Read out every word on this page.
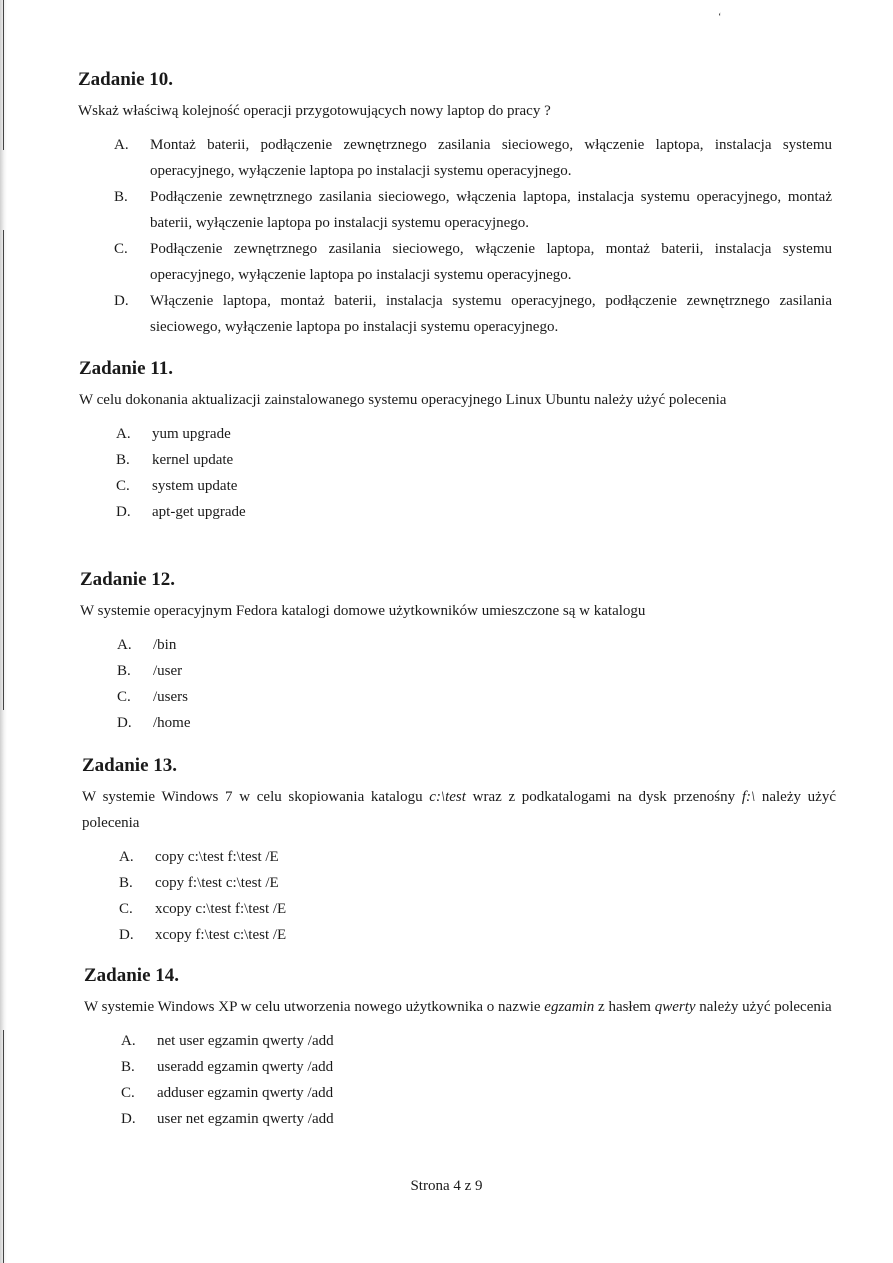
ʻ
Zadanie 10.

Wskaż właściwą kolejność operacji przygotowujących nowy laptop do pracy ?

A.	Montaż baterii, podłączenie zewnętrznego zasilania sieciowego, włączenie laptopa, instalacja systemu operacyjnego, wyłączenie laptopa po instalacji systemu operacyjnego.
B.	Podłączenie zewnętrznego zasilania sieciowego, włączenia laptopa, instalacja systemu operacyjnego, montaż baterii, wyłączenie laptopa po instalacji systemu operacyjnego.
C.	Podłączenie zewnętrznego zasilania sieciowego, włączenie laptopa, montaż baterii, instalacja systemu operacyjnego, wyłączenie laptopa po instalacji systemu operacyjnego.
D.	Włączenie laptopa, montaż baterii, instalacja systemu operacyjnego, podłączenie zewnętrznego zasilania sieciowego, wyłączenie laptopa po instalacji systemu operacyjnego.
Zadanie 11.

W celu dokonania aktualizacji zainstalowanego systemu operacyjnego Linux Ubuntu należy użyć polecenia

A.	yum upgrade
B.	kernel update
C.	system update
D.	apt-get upgrade
Zadanie 12.

W systemie operacyjnym Fedora katalogi domowe użytkowników umieszczone są w katalogu

A.	/bin
B.	/user
C.	/users
D.	/home
Zadanie 13.

W systemie Windows 7 w celu skopiowania katalogu c:\test wraz z podkatalogami na dysk przenośny f:\ należy użyć polecenia

A.	copy c:\test f:\test /E
B.	copy f:\test c:\test /E
C.	xcopy c:\test f:\test /E
D.	xcopy f:\test c:\test /E
Zadanie 14.

W systemie Windows XP w celu utworzenia nowego użytkownika o nazwie egzamin z hasłem qwerty należy użyć polecenia

A.	net user egzamin qwerty /add
B.	useradd egzamin qwerty /add
C.	adduser egzamin qwerty /add
D.	user net egzamin qwerty /add
Strona 4 z 9
